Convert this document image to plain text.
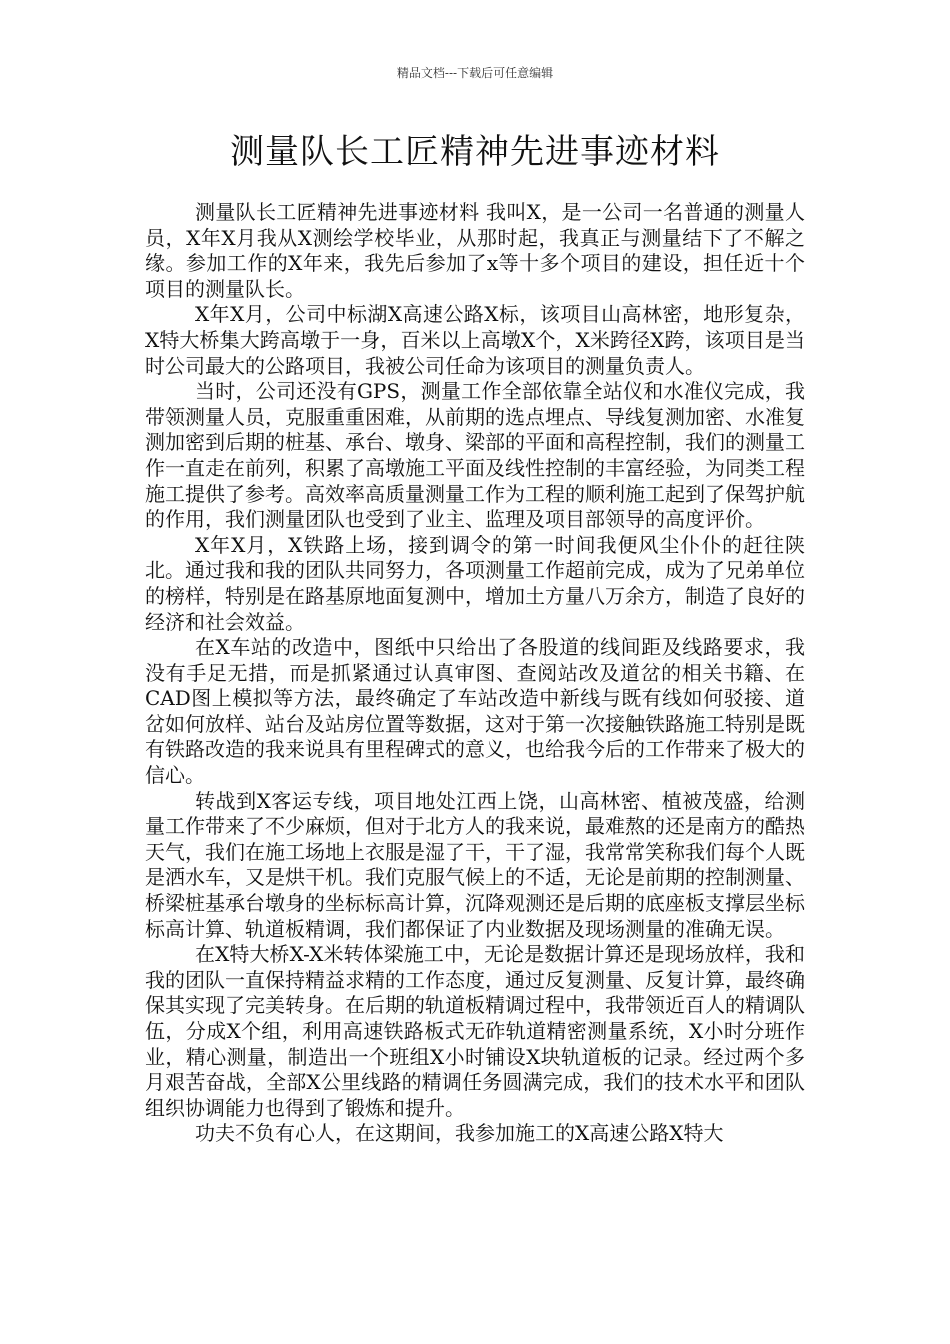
精品文档---下载后可任意编辑
测量队长工匠精神先进事迹材料

测量队长工匠精神先进事迹材料 我叫X，是一公司一名普通的测量人员，X年X月我从X测绘学校毕业，从那时起，我真正与测量结下了不解之缘。参加工作的X年来，我先后参加了x等十多个项目的建设，担任近十个项目的测量队长。

X年X月，公司中标湖X高速公路X标，该项目山高林密，地形复杂，X特大桥集大跨高墩于一身，百米以上高墩X个，X米跨径X跨，该项目是当时公司最大的公路项目，我被公司任命为该项目的测量负责人。

当时，公司还没有GPS，测量工作全部依靠全站仪和水准仪完成，我带领测量人员，克服重重困难，从前期的选点埋点、导线复测加密、水准复测加密到后期的桩基、承台、墩身、梁部的平面和高程控制，我们的测量工作一直走在前列，积累了高墩施工平面及线性控制的丰富经验，为同类工程施工提供了参考。高效率高质量测量工作为工程的顺利施工起到了保驾护航的作用，我们测量团队也受到了业主、监理及项目部领导的高度评价。

X年X月，X铁路上场，接到调令的第一时间我便风尘仆仆的赶往陕北。通过我和我的团队共同努力，各项测量工作超前完成，成为了兄弟单位的榜样，特别是在路基原地面复测中，增加土方量八万余方，制造了良好的经济和社会效益。

在X车站的改造中，图纸中只给出了各股道的线间距及线路要求，我没有手足无措，而是抓紧通过认真审图、查阅站改及道岔的相关书籍、在CAD图上模拟等方法，最终确定了车站改造中新线与既有线如何驳接、道岔如何放样、站台及站房位置等数据，这对于第一次接触铁路施工特别是既有铁路改造的我来说具有里程碑式的意义，也给我今后的工作带来了极大的信心。

转战到X客运专线，项目地处江西上饶，山高林密、植被茂盛，给测量工作带来了不少麻烦，但对于北方人的我来说，最难熬的还是南方的酷热天气，我们在施工场地上衣服是湿了干，干了湿，我常常笑称我们每个人既是洒水车，又是烘干机。我们克服气候上的不适，无论是前期的控制测量、桥梁桩基承台墩身的坐标标高计算，沉降观测还是后期的底座板支撑层坐标标高计算、轨道板精调，我们都保证了内业数据及现场测量的准确无误。

在X特大桥X-X米转体梁施工中，无论是数据计算还是现场放样，我和我的团队一直保持精益求精的工作态度，通过反复测量、反复计算，最终确保其实现了完美转身。在后期的轨道板精调过程中，我带领近百人的精调队伍，分成X个组，利用高速铁路板式无砟轨道精密测量系统，X小时分班作业，精心测量，制造出一个班组X小时铺设X块轨道板的记录。经过两个多月艰苦奋战，全部X公里线路的精调任务圆满完成，我们的技术水平和团队组织协调能力也得到了锻炼和提升。

功夫不负有心人，在这期间，我参加施工的X高速公路X特大
